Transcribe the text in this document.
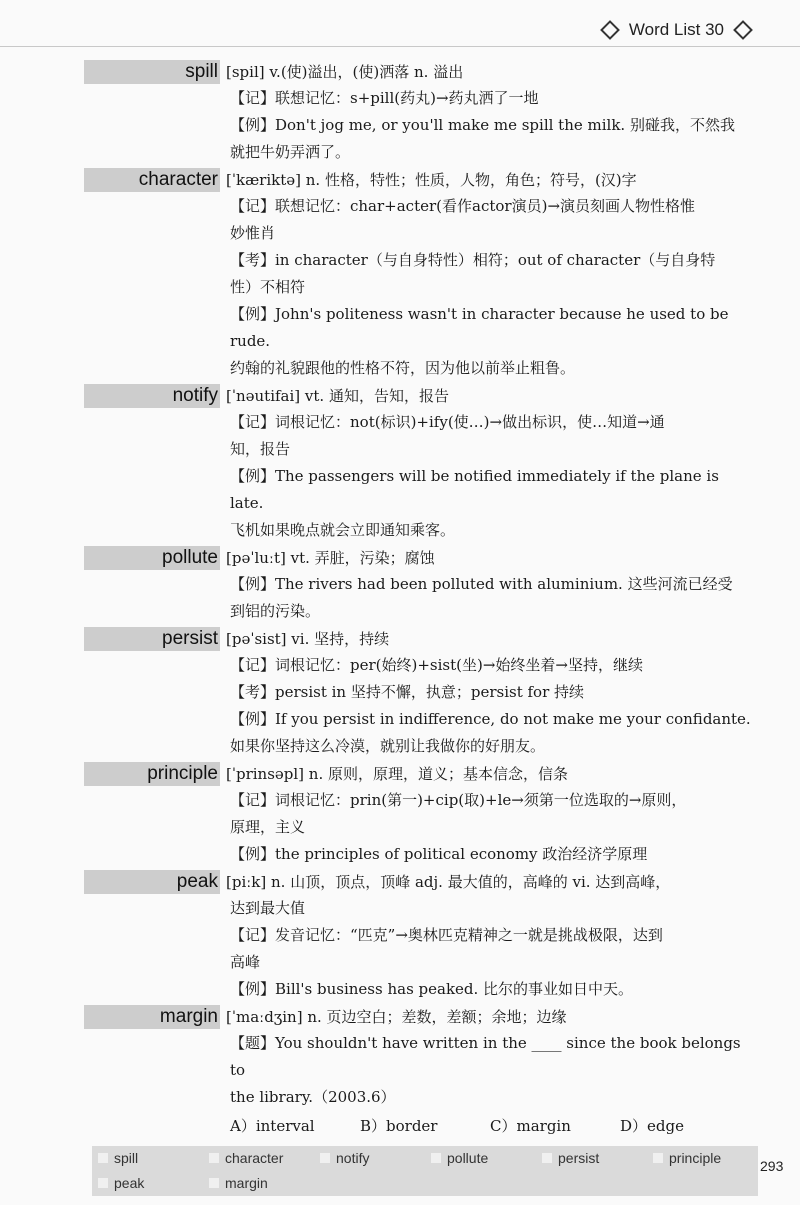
Word List 30
spill [spil] v.(使)溢出，(使)洒落 n. 溢出
【记】联想记忆：s+pill(药丸)→药丸洒了一地
【例】Don't jog me, or you'll make me spill the milk. 别碰我，不然我
就把牛奶弄洒了。
character [ˈkæriktə] n. 性格，特性；性质，人物，角色；符号，(汉)字
【记】联想记忆：char+acter(看作actor演员)→演员刻画人物性格惟
妙惟肖
【考】in character（与自身特性）相符；out of character（与自身特
性）不相符
【例】John's politeness wasn't in character because he used to be rude.
约翰的礼貌跟他的性格不符，因为他以前举止粗鲁。
notify [ˈnəutifai] vt. 通知，告知，报告
【记】词根记忆：not(标识)+ify(使…)→做出标识，使…知道→通
知，报告
【例】The passengers will be notified immediately if the plane is late.
飞机如果晚点就会立即通知乘客。
pollute [pəˈluːt] vt. 弄脏，污染；腐蚀
【例】The rivers had been polluted with aluminium. 这些河流已经受
到铝的污染。
persist [pəˈsist] vi. 坚持，持续
【记】词根记忆：per(始终)+sist(坐)→始终坐着→坚持，继续
【考】persist in 坚持不懈，执意；persist for 持续
【例】If you persist in indifference, do not make me your confidante.
如果你坚持这么冷漠，就别让我做你的好朋友。
principle [ˈprinsəpl] n. 原则，原理，道义；基本信念，信条
【记】词根记忆：prin(第一)+cip(取)+le→须第一位选取的→原则，
原理，主义
【例】the principles of political economy 政治经济学原理
peak [piːk] n. 山顶，顶点，顶峰 adj. 最大值的，高峰的 vi. 达到高峰，
达到最大值
【记】发音记忆：“匹克”→奥林匹克精神之一就是挑战极限，达到
高峰
【例】Bill's business has peaked. 比尔的事业如日中天。
margin [ˈmaːdʒin] n. 页边空白；差数，差额；余地；边缘
【题】You shouldn't have written in the ____ since the book belongs to
the library.（2003.6）
A）interval	B）border	C）margin	D）edge
spill	character	notify	pollute	persist	principle
peak	margin
293
